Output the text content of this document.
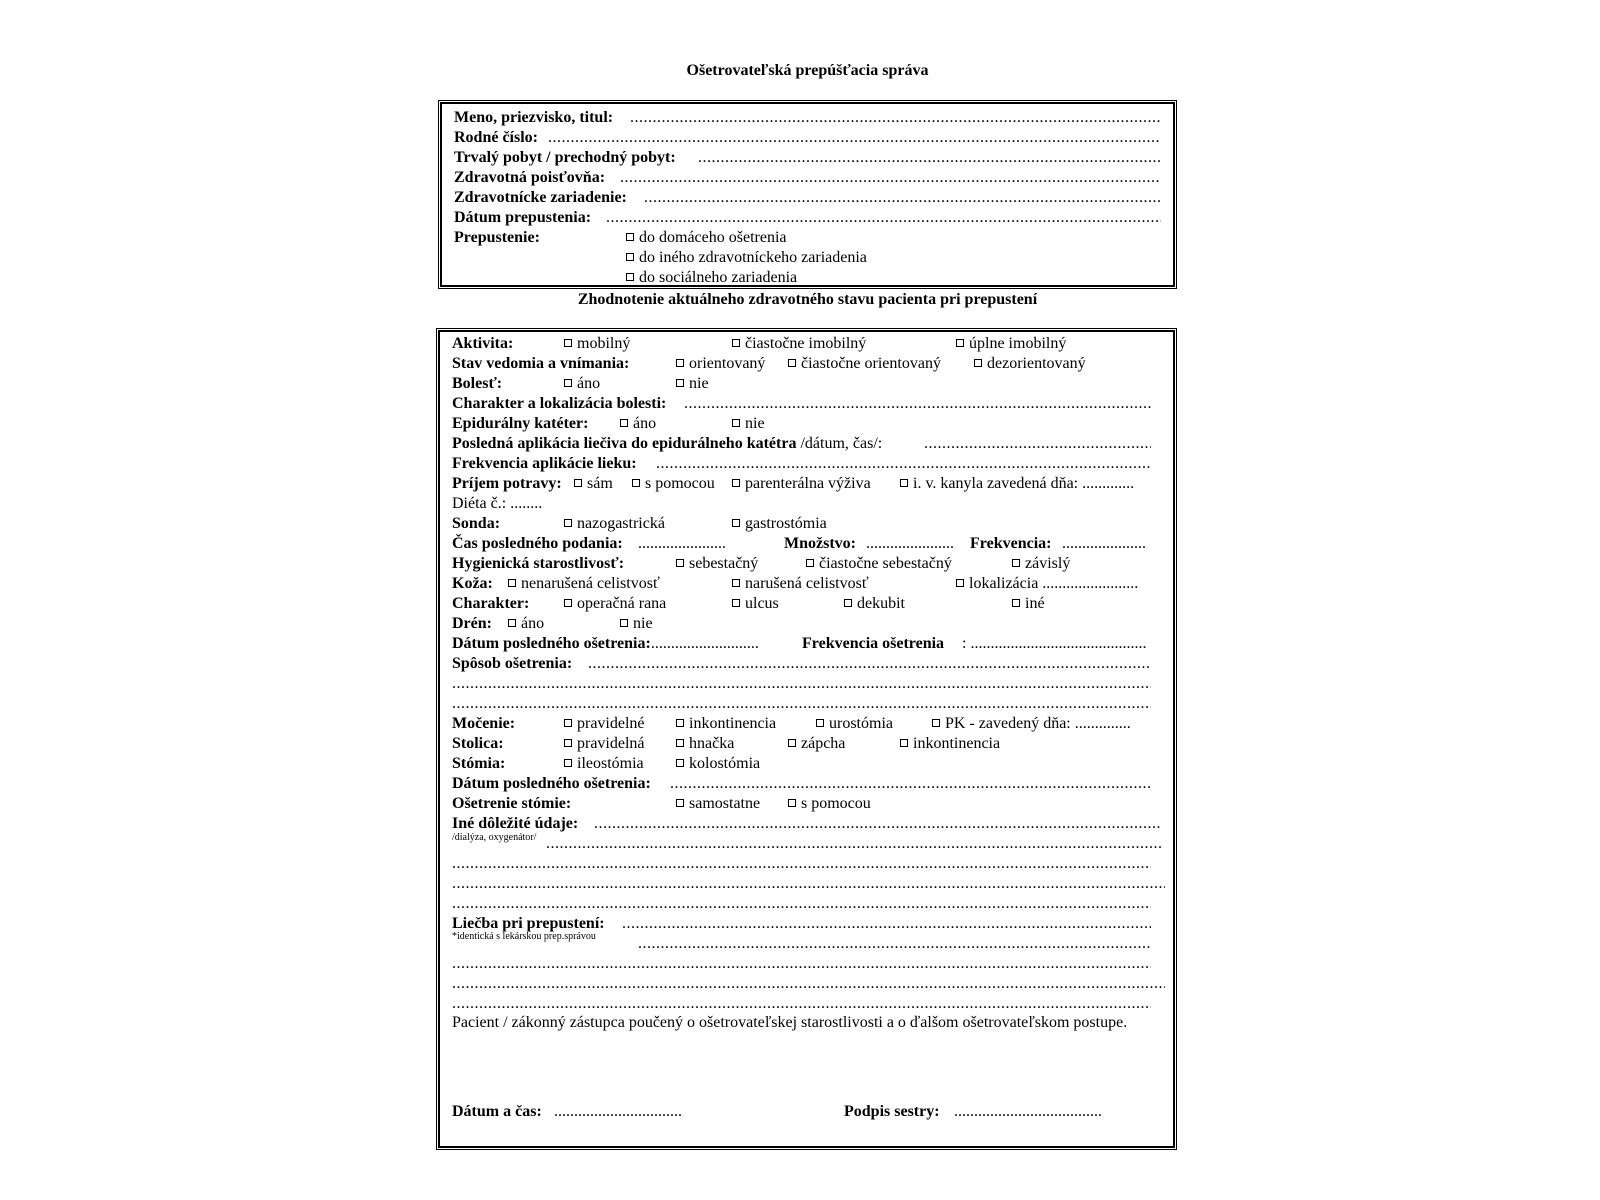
Ošetrovateľská prepúšťacia správa
Meno, priezvisko, titul:
.....
Rodné číslo:
.....
Trvalý pobyt / prechodný pobyt:
.....
Zdravotná poisťovňa:
.....
Zdravotnícke zariadenie:
.....
Dátum prepustenia:
.....
Prepustenie:	do domáceho ošetrenia
do iného zdravotníckeho zariadenia
do sociálneho zariadenia
Zhodnotenie aktuálneho zdravotného stavu pacienta pri prepustení
Aktivita:	mobilný	čiastočne imobilný	úplne imobilný
Stav vedomia a vnímania:	orientovaný	čiastočne orientovaný	dezorientovaný
Bolesť:	áno	nie
Charakter a lokalizácia bolesti:
.....
Epidurálny katéter:	áno	nie
Posledná aplikácia liečiva do epidurálneho katétra /dátum, čas/:
.....
Frekvencia aplikácie lieku:
.....
Príjem potravy:	sám	s pomocou	parenterálna výživa	i. v. kanyla zavedená dňa: .............
Diéta č.: ........
Sonda:	nazogastrická	gastrostómia
Čas posledného podania: ......................	Množstvo: ...................... Frekvencia: .....................
Hygienická starostlivosť:	sebestačný	čiastočne sebestačný	závislý
Koža:	nenarušená celistvosť	narušená celistvosť	lokalizácia ........................
Charakter:	operačná rana	ulcus	dekubit	iné
Drén:	áno	nie
Dátum posledného ošetrenia:...........................	Frekvencia ošetrenia : ............................................
Spôsob ošetrenia:
.....
.....
.....
Močenie:	pravidelné	inkontinencia	urostómia	PK - zavedený dňa: ..............
Stolica:	pravidelná	hnačka	zápcha	inkontinencia
Stómia:	ileostómia	kolostómia
Dátum posledného ošetrenia:
.....
Ošetrenie stómie:	samostatne	s pomocou
Iné dôležité údaje:
.....
/dialýza, oxygenátor/
.....
.....
.....
.....
Liečba pri prepustení:
.....
*identická s lekárskou prep.správou
.....
.....
.....
.....
Pacient / zákonný zástupca poučený o ošetrovateľskej starostlivosti a o ďalšom ošetrovateľskom postupe.
Dátum a čas: ................................	Podpis sestry: .....................................
